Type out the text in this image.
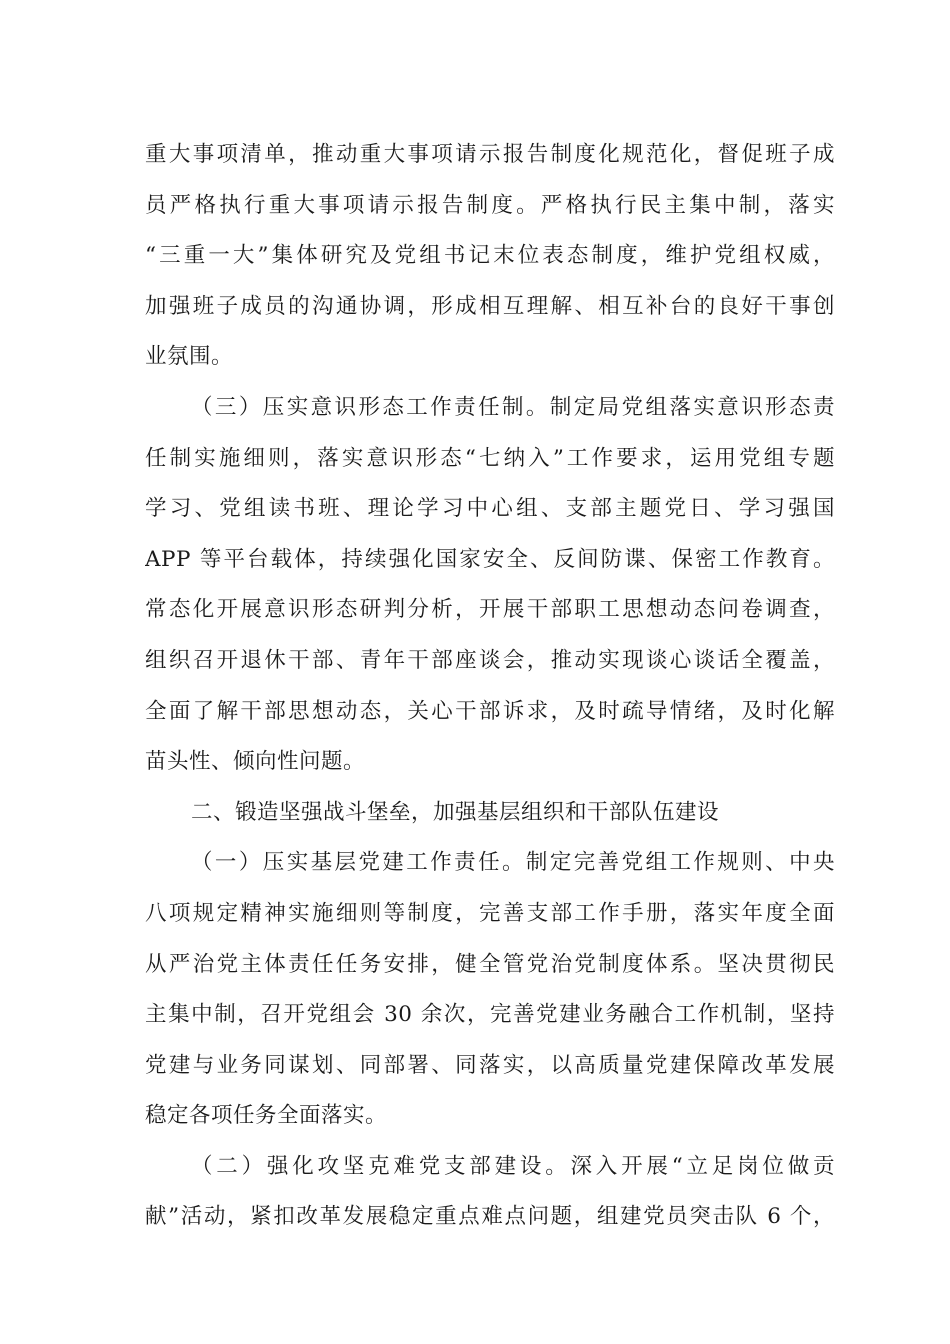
重大事项清单，推动重大事项请示报告制度化规范化，督促班子成
员严格执行重大事项请示报告制度。严格执行民主集中制，落实
“三重一大”集体研究及党组书记末位表态制度，维护党组权威，
加强班子成员的沟通协调，形成相互理解、相互补台的良好干事创
业氛围。
（三）压实意识形态工作责任制。制定局党组落实意识形态责
任制实施细则，落实意识形态“七纳入”工作要求，运用党组专题
学习、党组读书班、理论学习中心组、支部主题党日、学习强国
APP 等平台载体，持续强化国家安全、反间防谍、保密工作教育。
常态化开展意识形态研判分析，开展干部职工思想动态问卷调查，
组织召开退休干部、青年干部座谈会，推动实现谈心谈话全覆盖，
全面了解干部思想动态，关心干部诉求，及时疏导情绪，及时化解
苗头性、倾向性问题。
二、锻造坚强战斗堡垒，加强基层组织和干部队伍建设
（一）压实基层党建工作责任。制定完善党组工作规则、中央
八项规定精神实施细则等制度，完善支部工作手册，落实年度全面
从严治党主体责任任务安排，健全管党治党制度体系。坚决贯彻民
主集中制，召开党组会 30 余次，完善党建业务融合工作机制，坚持
党建与业务同谋划、同部署、同落实，以高质量党建保障改革发展
稳定各项任务全面落实。
（二）强化攻坚克难党支部建设。深入开展“立足岗位做贡
献”活动，紧扣改革发展稳定重点难点问题，组建党员突击队 6 个，
